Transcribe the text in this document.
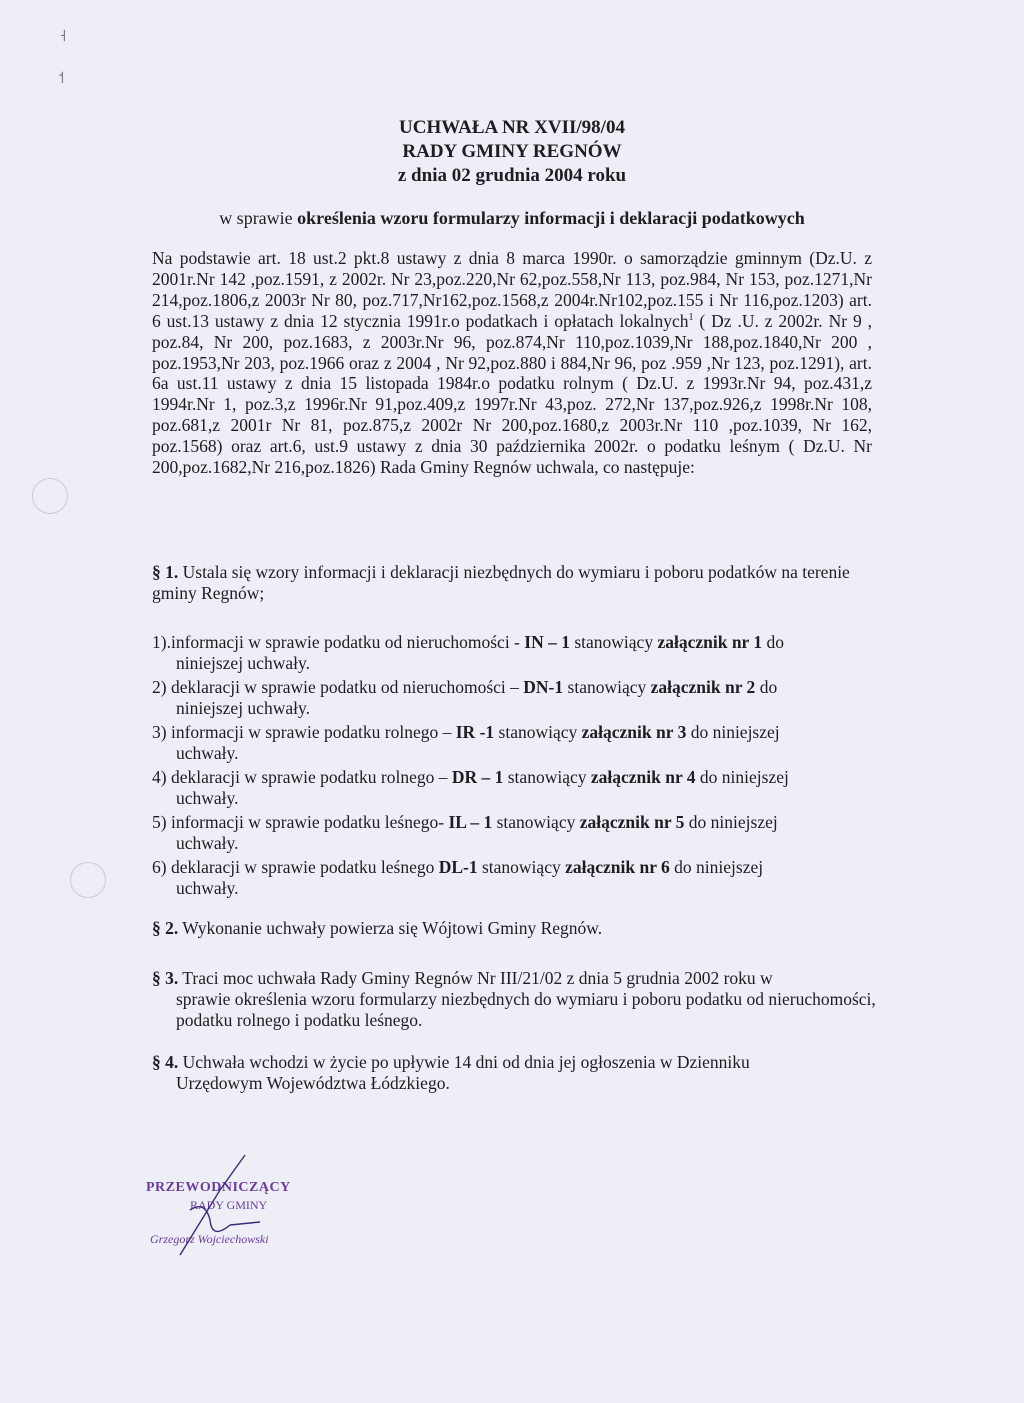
˧
˦
UCHWAŁA NR XVII/98/04
RADY GMINY REGNÓW
z dnia 02 grudnia 2004 roku
w sprawie określenia wzoru formularzy informacji i deklaracji podatkowych
Na podstawie art. 18 ust.2 pkt.8 ustawy z dnia 8 marca 1990r. o samorządzie gminnym (Dz.U. z 2001r.Nr 142 ,poz.1591, z 2002r. Nr 23,poz.220,Nr 62,poz.558,Nr 113, poz.984, Nr 153, poz.1271,Nr 214,poz.1806,z 2003r Nr 80, poz.717,Nr162,poz.1568,z 2004r.Nr102,poz.155 i Nr 116,poz.1203) art. 6 ust.13 ustawy z dnia 12 stycznia 1991r.o podatkach i opłatach lokalnych$^1$ ( Dz .U. z 2002r. Nr 9 , poz.84, Nr 200, poz.1683, z 2003r.Nr 96, poz.874,Nr 110,poz.1039,Nr 188,poz.1840,Nr 200 , poz.1953,Nr 203, poz.1966 oraz z 2004 , Nr 92,poz.880 i 884,Nr 96, poz .959 ,Nr 123, poz.1291), art. 6a ust.11 ustawy z dnia 15 listopada 1984r.o podatku rolnym ( Dz.U. z 1993r.Nr 94, poz.431,z 1994r.Nr 1, poz.3,z 1996r.Nr 91,poz.409,z 1997r.Nr 43,poz. 272,Nr 137,poz.926,z 1998r.Nr 108, poz.681,z 2001r Nr 81, poz.875,z 2002r Nr 200,poz.1680,z 2003r.Nr 110 ,poz.1039, Nr 162, poz.1568) oraz art.6, ust.9 ustawy z dnia 30 października 2002r. o podatku leśnym ( Dz.U. Nr 200,poz.1682,Nr 216,poz.1826) Rada Gminy Regnów uchwala, co następuje:
§ 1. Ustala się wzory informacji i deklaracji niezbędnych do wymiaru i poboru podatków na terenie gminy Regnów;
1).informacji w sprawie podatku od nieruchomości - IN – 1 stanowiący załącznik nr 1 do
niniejszej uchwały.
2) deklaracji w sprawie podatku od nieruchomości – DN-1 stanowiący załącznik nr 2 do
niniejszej uchwały.
3) informacji w sprawie podatku rolnego – IR -1 stanowiący załącznik nr 3 do niniejszej
uchwały.
4) deklaracji w sprawie podatku rolnego – DR – 1 stanowiący załącznik nr 4 do niniejszej
uchwały.
5) informacji w sprawie podatku leśnego- IL – 1 stanowiący załącznik nr 5 do niniejszej
uchwały.
6) deklaracji w sprawie podatku leśnego DL-1 stanowiący załącznik nr 6 do niniejszej
uchwały.
§ 2. Wykonanie uchwały powierza się Wójtowi Gminy Regnów.
§ 3. Traci moc uchwała Rady Gminy Regnów Nr III/21/02 z dnia 5 grudnia 2002 roku w
sprawie określenia wzoru formularzy niezbędnych do wymiaru i poboru podatku od nieruchomości, podatku rolnego i podatku leśnego.
§ 4. Uchwała wchodzi w życie po upływie 14 dni od dnia jej ogłoszenia w Dzienniku
Urzędowym Województwa Łódzkiego.
PRZEWODNICZĄCY
RADY GMINY
Grzegorz Wojciechowski
